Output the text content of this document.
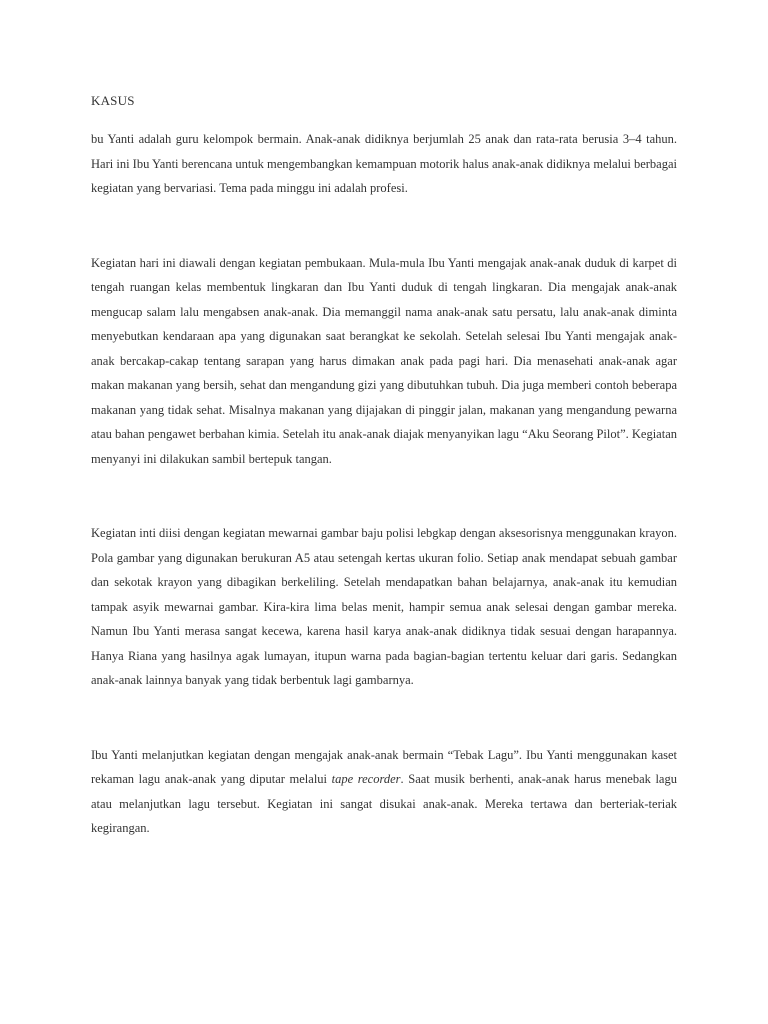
KASUS

bu Yanti adalah guru kelompok bermain. Anak-anak didiknya berjumlah 25 anak dan rata-rata berusia 3–4 tahun. Hari ini Ibu Yanti berencana untuk mengembangkan kemampuan motorik halus anak-anak didiknya melalui berbagai kegiatan yang bervariasi. Tema pada minggu ini adalah profesi.

Kegiatan hari ini diawali dengan kegiatan pembukaan. Mula-mula Ibu Yanti mengajak anak-anak duduk di karpet di tengah ruangan kelas membentuk lingkaran dan Ibu Yanti duduk di tengah lingkaran. Dia mengajak anak-anak mengucap salam lalu mengabsen anak-anak. Dia memanggil nama anak-anak satu persatu, lalu anak-anak diminta menyebutkan kendaraan apa yang digunakan saat berangkat ke sekolah. Setelah selesai Ibu Yanti mengajak anak-anak bercakap-cakap tentang sarapan yang harus dimakan anak pada pagi hari. Dia menasehati anak-anak agar makan makanan yang bersih, sehat dan mengandung gizi yang dibutuhkan tubuh. Dia juga memberi contoh beberapa makanan yang tidak sehat. Misalnya makanan yang dijajakan di pinggir jalan, makanan yang mengandung pewarna atau bahan pengawet berbahan kimia. Setelah itu anak-anak diajak menyanyikan lagu “Aku Seorang Pilot”. Kegiatan menyanyi ini dilakukan sambil bertepuk tangan.

Kegiatan inti diisi dengan kegiatan mewarnai gambar baju polisi lebgkap dengan aksesorisnya menggunakan krayon. Pola gambar yang digunakan berukuran A5 atau setengah kertas ukuran folio. Setiap anak mendapat sebuah gambar dan sekotak krayon yang dibagikan berkeliling. Setelah mendapatkan bahan belajarnya, anak-anak itu kemudian tampak asyik mewarnai gambar. Kira-kira lima belas menit, hampir semua anak selesai dengan gambar mereka. Namun Ibu Yanti merasa sangat kecewa, karena hasil karya anak-anak didiknya tidak sesuai dengan harapannya. Hanya Riana yang hasilnya agak lumayan, itupun warna pada bagian-bagian tertentu keluar dari garis. Sedangkan anak-anak lainnya banyak yang tidak berbentuk lagi gambarnya.

Ibu Yanti melanjutkan kegiatan dengan mengajak anak-anak bermain “Tebak Lagu”. Ibu Yanti menggunakan kaset rekaman lagu anak-anak yang diputar melalui tape recorder. Saat musik berhenti, anak-anak harus menebak lagu atau melanjutkan lagu tersebut. Kegiatan ini sangat disukai anak-anak. Mereka tertawa dan berteriak-teriak kegirangan.
